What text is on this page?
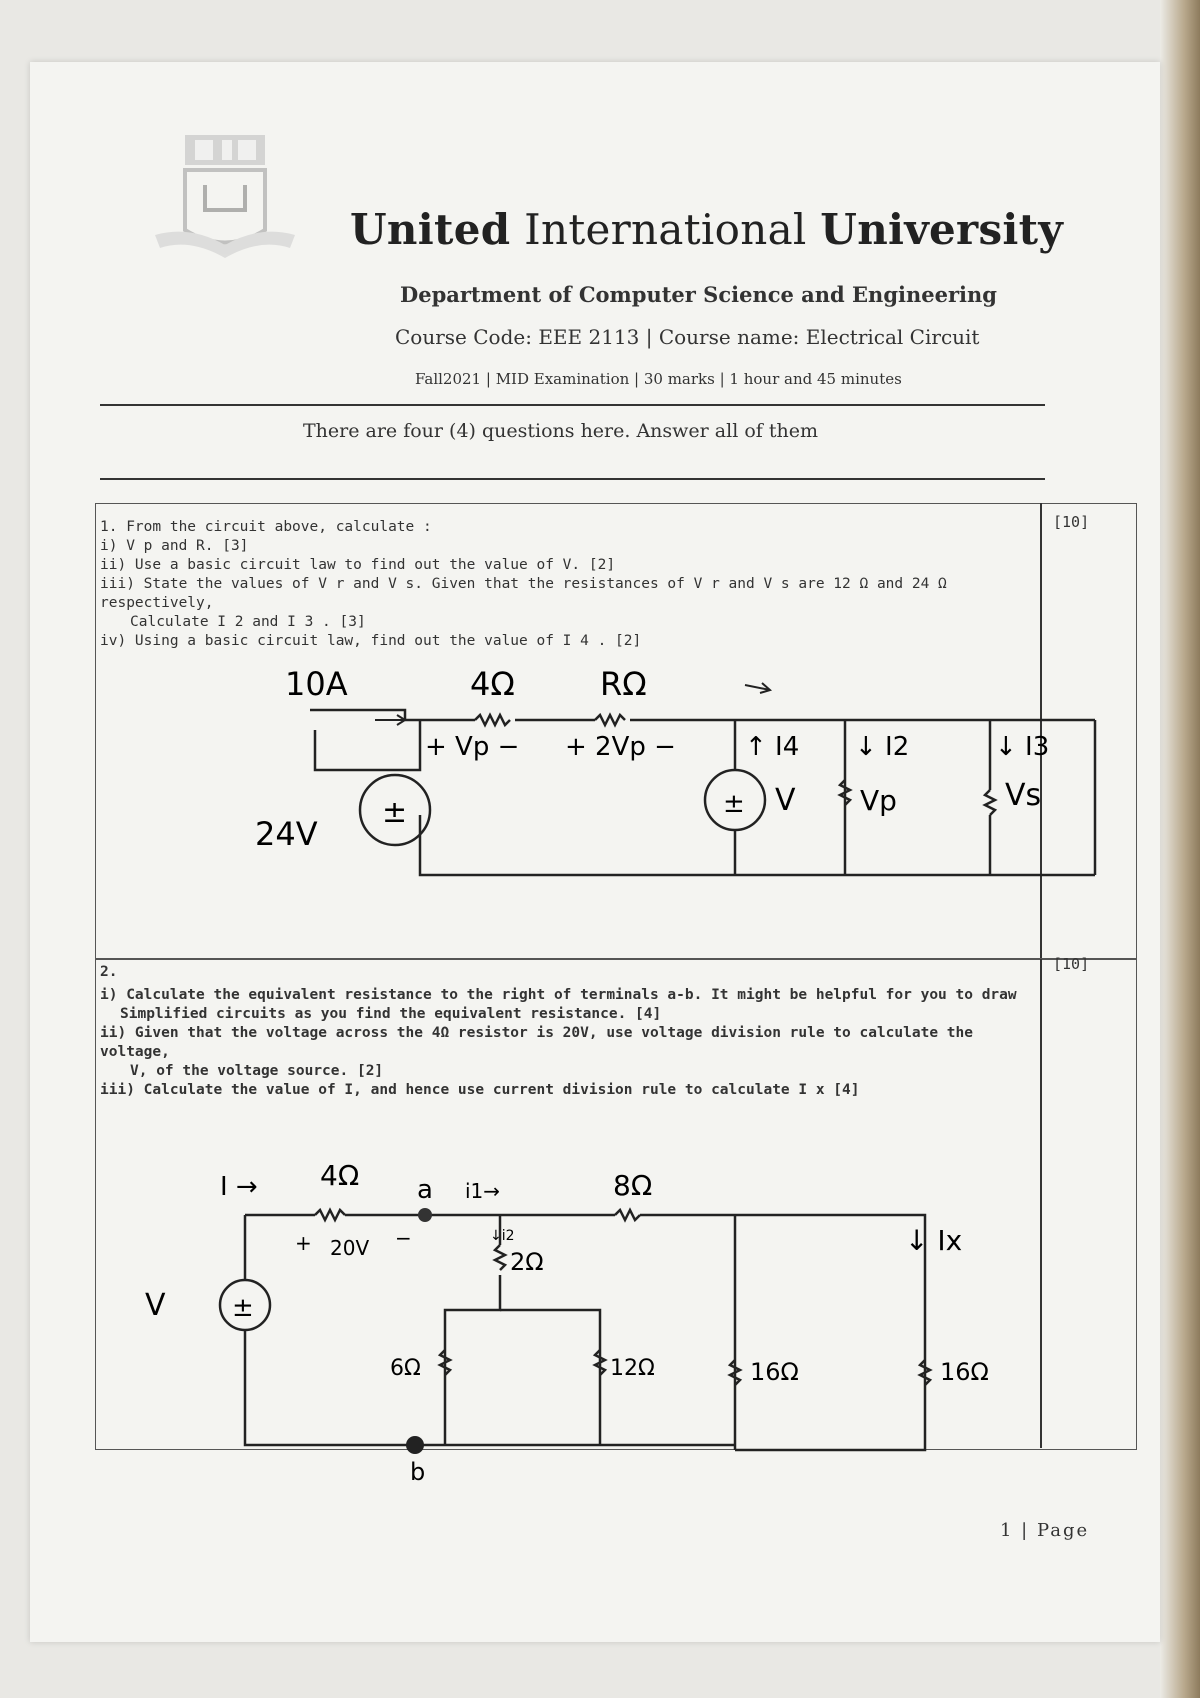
United International University
Department of Computer Science and Engineering
Course Code: EEE 2113 | Course name: Electrical Circuit
Fall2021 | MID Examination | 30 marks | 1 hour and 45 minutes
There are four (4) questions here. Answer all of them
[10]
1. From the circuit above, calculate :
i) V p and R. [3]
ii) Use a basic circuit law to find out the value of V. [2]
iii) State the values of V r and V s. Given that the resistances of V r and V s are 12 Ω and 24 Ω respectively,
Calculate I 2 and I 3 . [3]
iv) Using a basic circuit law, find out the value of I 4 . [2]
10A	4Ω	RΩ
+ Vp − + 2Vp −	↑ I4 ↓ I2	↓ I3
24V
±	± V Vp	Vs
[10]
2.
i) Calculate the equivalent resistance to the right of terminals a-b. It might be helpful for you to draw
Simplified circuits as you find the equivalent resistance. [4]
ii) Given that the voltage across the 4Ω resistor is 20V, use voltage division rule to calculate the voltage,
V, of the voltage source. [2]
iii) Calculate the value of I, and hence use current division rule to calculate I x [4]
I → 4Ω a i1→	8Ω
+ 20V −	↓i2
2Ω
V	±
16Ω	16Ω
↓ Ix
6Ω	12Ω
b
1 | Page
